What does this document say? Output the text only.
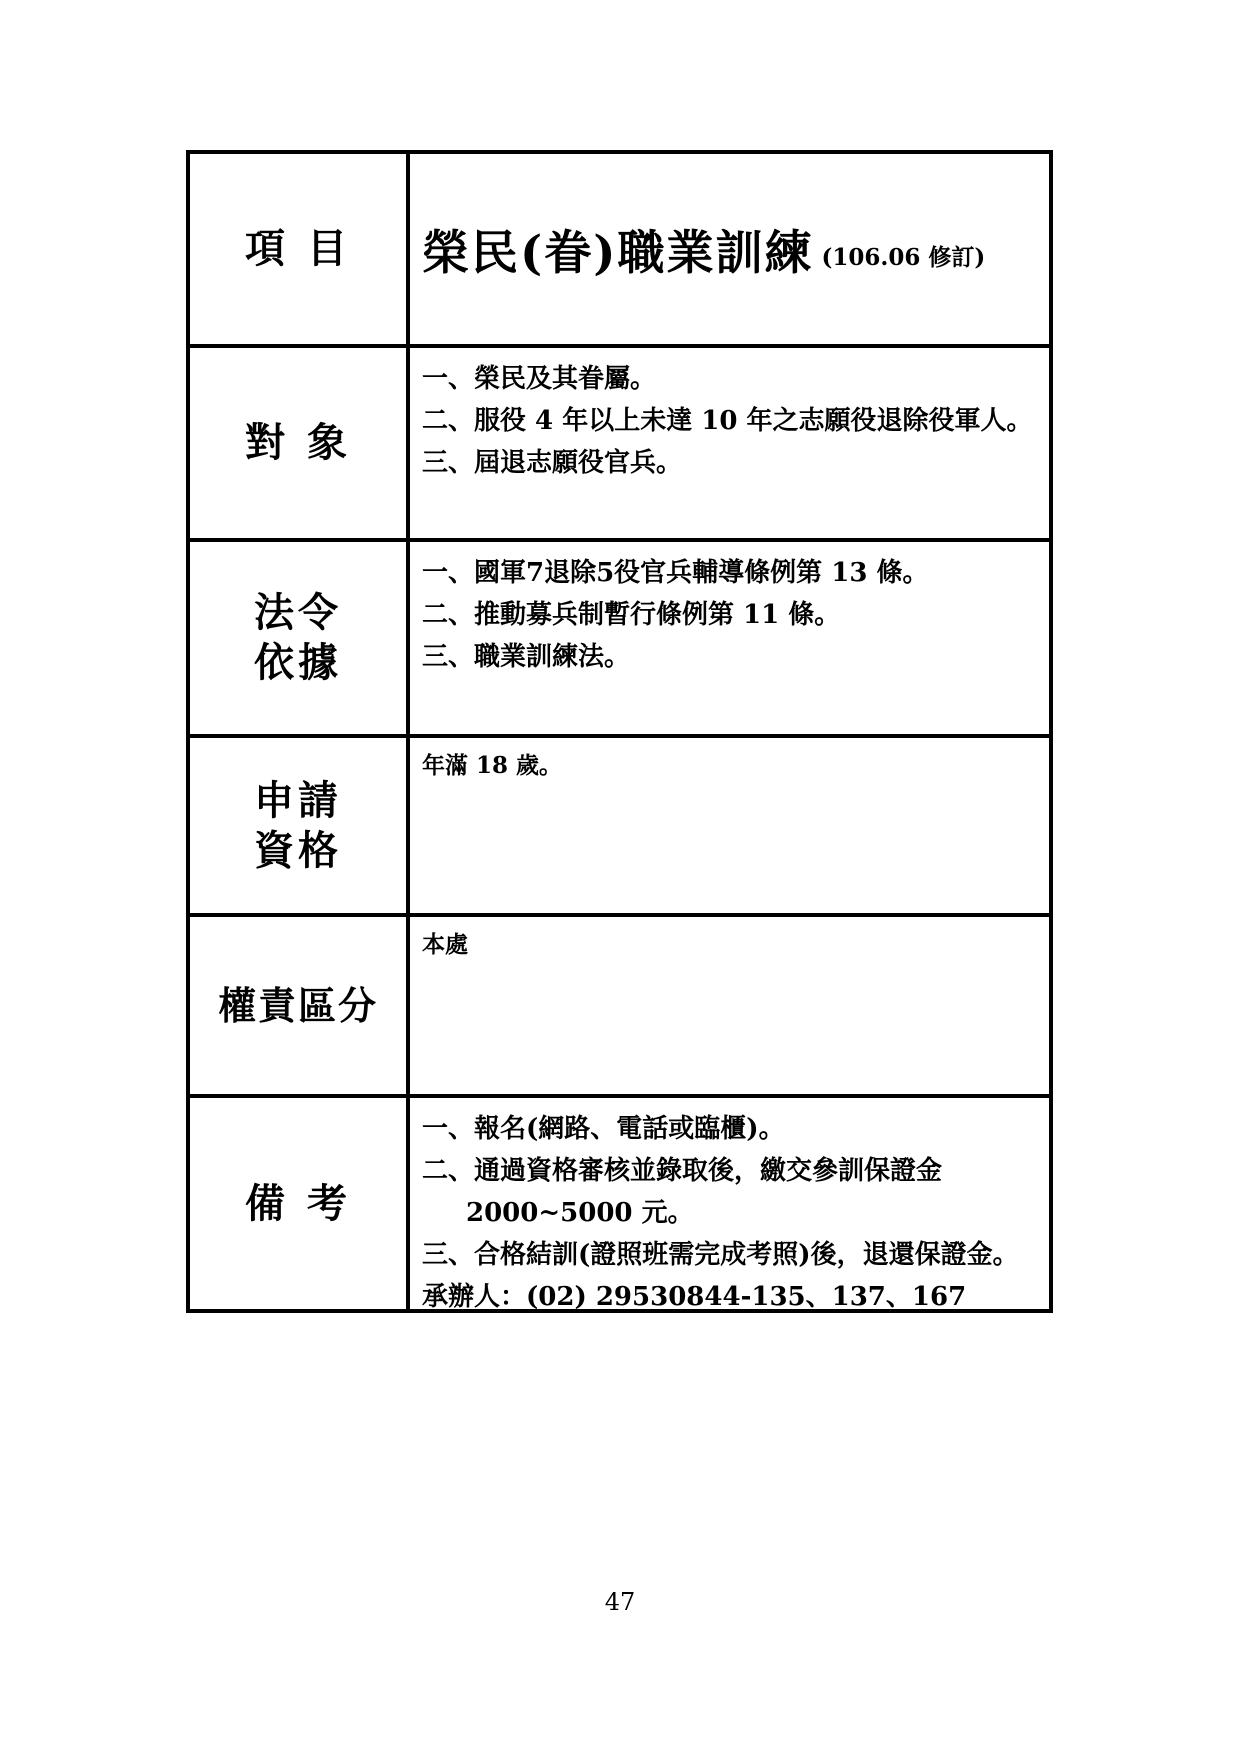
項 目 榮民(眷)職業訓練 (106.06 修訂)
對 象
一、榮民及其眷屬。
二、服役 4 年以上未達 10 年之志願役退除役軍人。
三、屆退志願役官兵。
法令
依據
一、國軍7退除5役官兵輔導條例第 13 條。
二、推動募兵制暫行條例第 11 條。
三、職業訓練法。
申請
資格
年滿 18 歲。
權責區分
本處
備 考
一、報名(網路、電話或臨櫃)。
二、通過資格審核並錄取後，繳交參訓保證金
2000~5000 元。
三、合格結訓(證照班需完成考照)後，退還保證金。
承辦人：(02) 29530844-135、137、167
47
